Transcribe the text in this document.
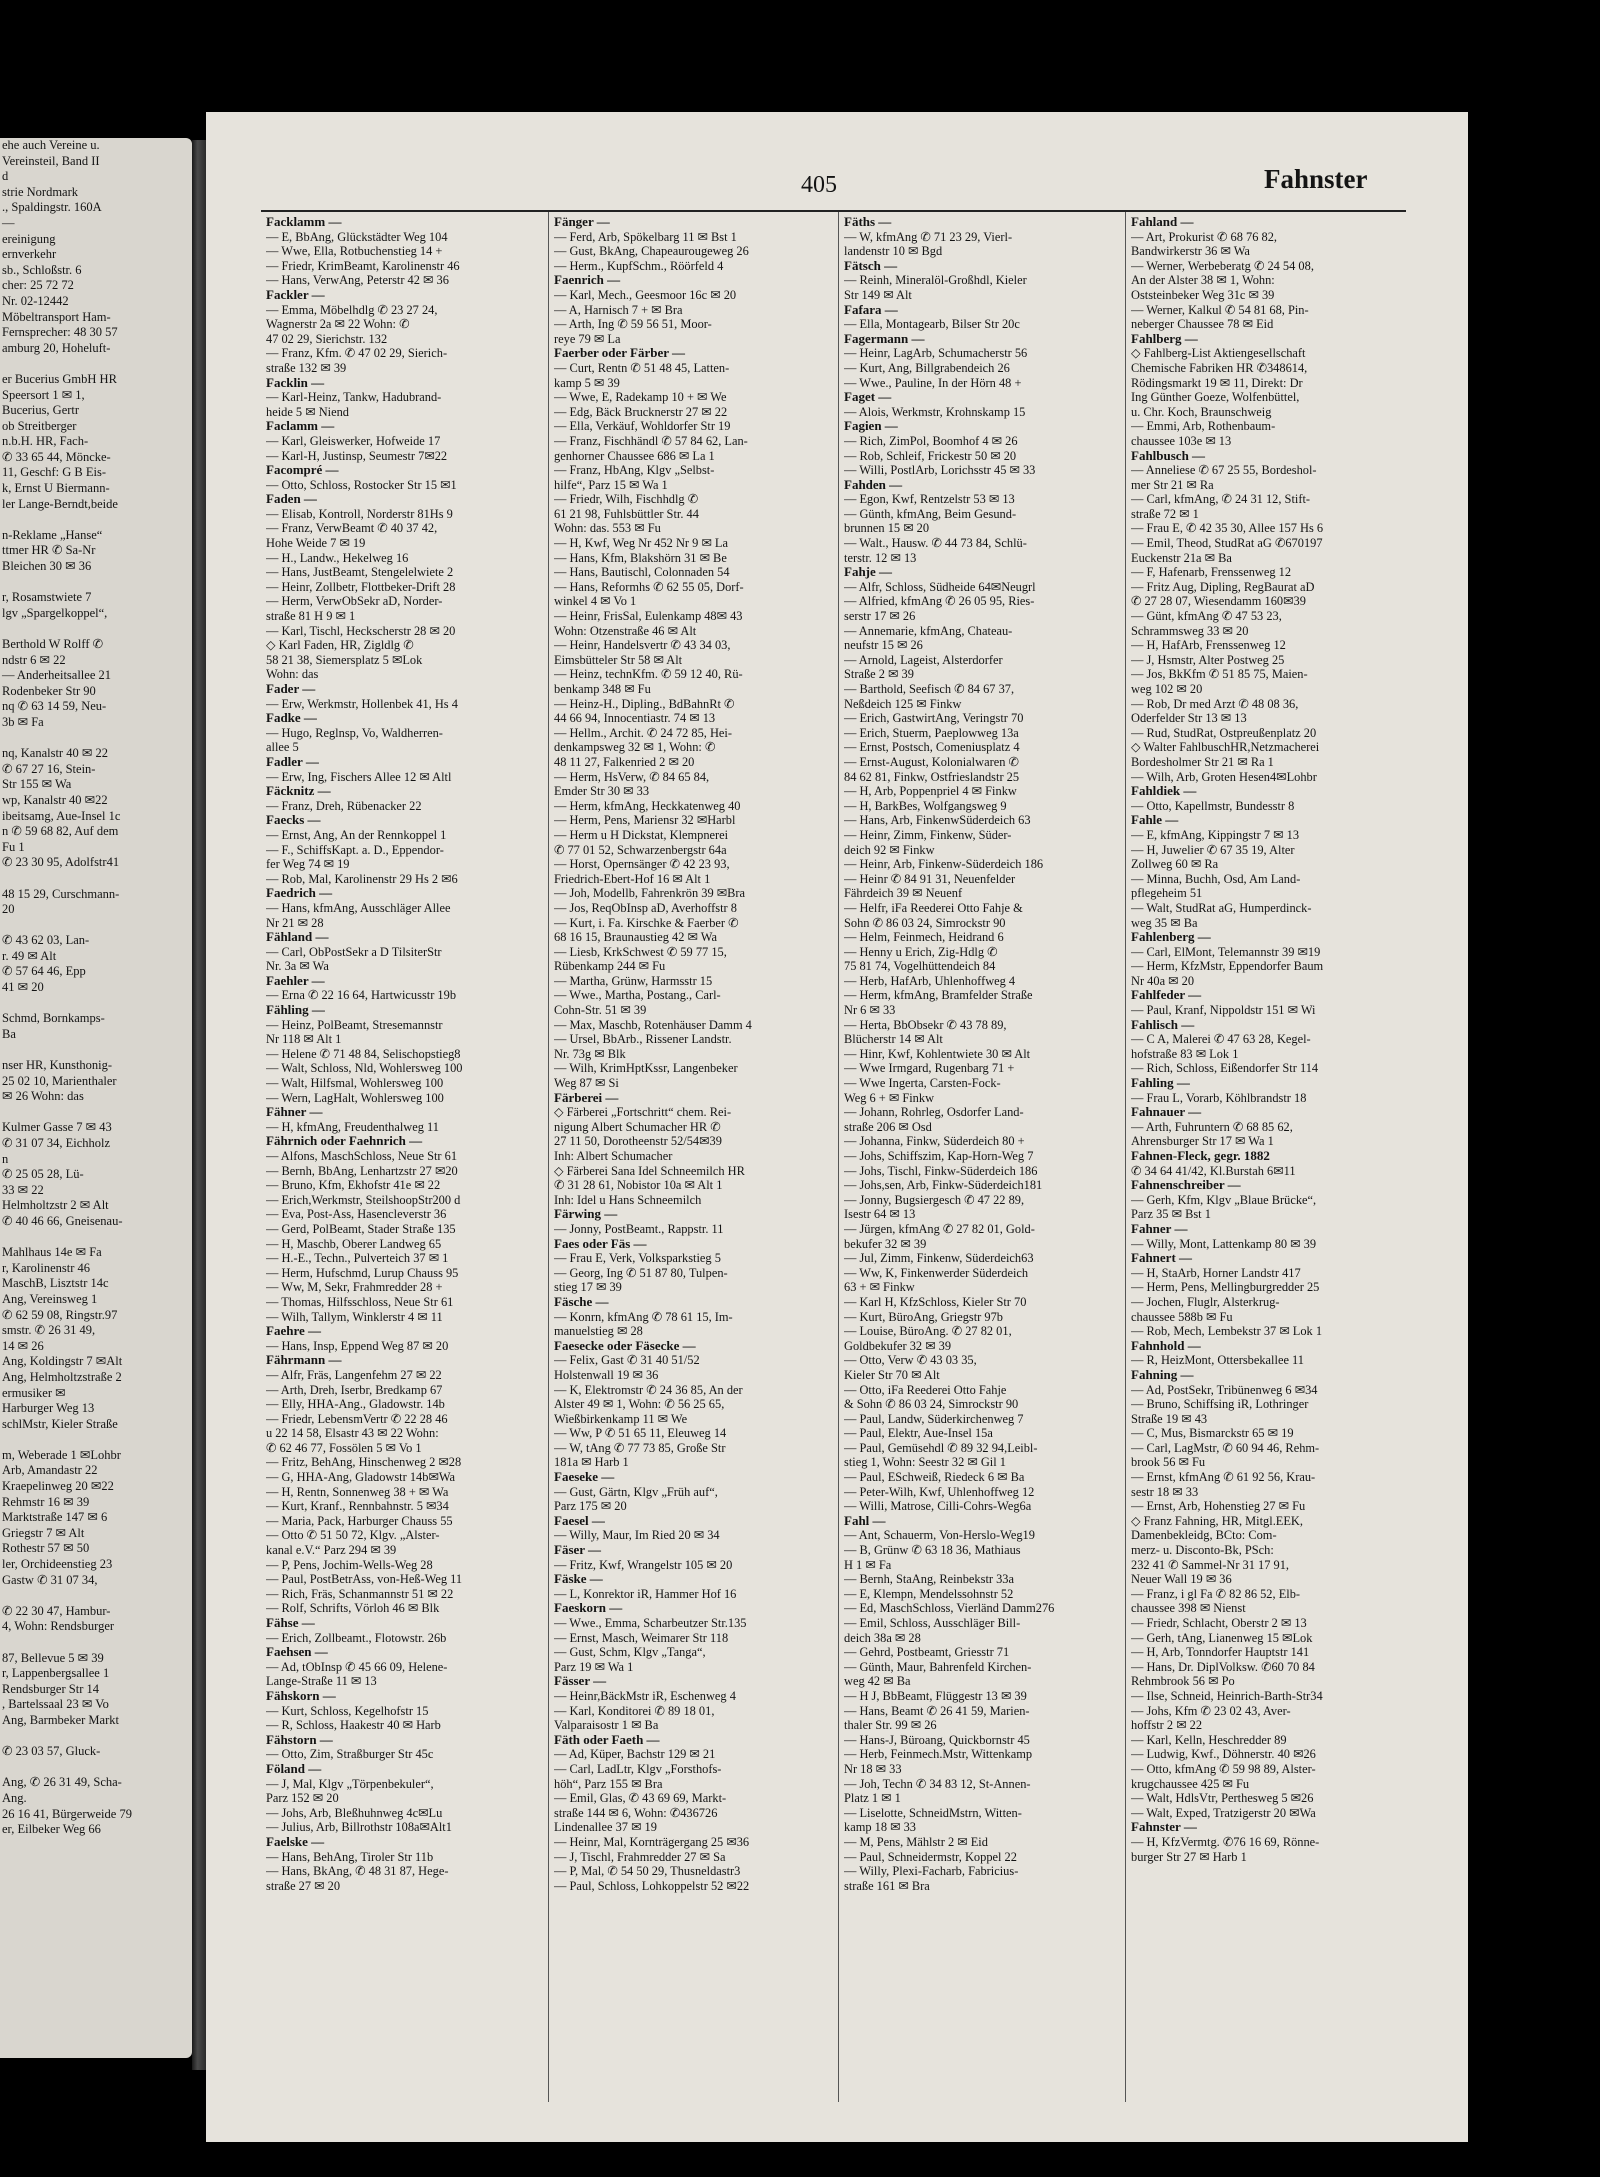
ehe auch Vereine u.
Vereinsteil, Band II
d
strie Nordmark
., Spaldingstr. 160A
—
ereinigung
ernverkehr
sb., Schloßstr. 6
cher: 25 72 72
Nr. 02-12442
Möbeltransport Ham-
Fernsprecher: 48 30 57
amburg 20, Hoheluft-

er Bucerius GmbH HR
Speersort 1 ✉ 1,
Bucerius, Gertr
ob Streitberger
n.b.H. HR, Fach-
✆ 33 65 44, Möncke-
11, Geschf: G B Eis-
k, Ernst U Biermann-
ler Lange-Berndt,beide

n-Reklame „Hanse“
ttmer HR ✆ Sa-Nr
Bleichen 30 ✉ 36

r, Rosamstwiete 7
lgv „Spargelkoppel“,

Berthold W Rolff ✆
ndstr 6 ✉ 22
— Anderheitsallee 21
Rodenbeker Str 90
nq ✆ 63 14 59, Neu-
3b ✉ Fa

nq, Kanalstr 40 ✉ 22
✆ 67 27 16, Stein-
Str 155 ✉ Wa
wp, Kanalstr 40 ✉22
ibeitsamg, Aue-Insel 1c
n ✆ 59 68 82, Auf dem
Fu 1
✆ 23 30 95, Adolfstr41

48 15 29, Curschmann-
20

✆ 43 62 03, Lan-
r. 49 ✉ Alt
✆ 57 64 46, Epp
41 ✉ 20

Schmd, Bornkamps-
Ba

nser HR, Kunsthonig-
25 02 10, Marienthaler
✉ 26 Wohn: das

Kulmer Gasse 7 ✉ 43
✆ 31 07 34, Eichholz
n
✆ 25 05 28, Lü-
33 ✉ 22
Helmholtzstr 2 ✉ Alt
✆ 40 46 66, Gneisenau-

Mahlhaus 14e ✉ Fa
r, Karolinenstr 46
MaschB, Lisztstr 14c
Ang, Vereinsweg 1
✆ 62 59 08, Ringstr.97
smstr. ✆ 26 31 49,
14 ✉ 26
Ang, Koldingstr 7 ✉Alt
Ang, Helmholtzstraße 2
ermusiker ✉
Harburger Weg 13
schlMstr, Kieler Straße

m, Weberade 1 ✉Lohbr
Arb, Amandastr 22
Kraepelinweg 20 ✉22
Rehmstr 16 ✉ 39
Marktstraße 147 ✉ 6
Griegstr 7 ✉ Alt
Rothestr 57 ✉ 50
ler, Orchideenstieg 23
Gastw ✆ 31 07 34,

✆ 22 30 47, Hambur-
4, Wohn: Rendsburger

87, Bellevue 5 ✉ 39
r, Lappenbergsallee 1
Rendsburger Str 14
, Bartelssaal 23 ✉ Vo
Ang, Barmbeker Markt

✆ 23 03 57, Gluck-

Ang, ✆ 26 31 49, Scha-
Ang.
26 16 41, Bürgerweide 79
er, Eilbeker Weg 66
405	Fahnster
Facklamm —
— E, BbAng, Glückstädter Weg 104
— Wwe, Ella, Rotbuchenstieg 14 +
— Friedr, KrimBeamt, Karolinenstr 46
— Hans, VerwAng, Peterstr 42 ✉ 36
Fackler —
— Emma, Möbelhdlg ✆ 23 27 24,
Wagnerstr 2a ✉ 22 Wohn: ✆
47 02 29, Sierichstr. 132
— Franz, Kfm. ✆ 47 02 29, Sierich-
straße 132 ✉ 39
Facklin —
— Karl-Heinz, Tankw, Hadubrand-
heide 5 ✉ Niend
Faclamm —
— Karl, Gleiswerker, Hofweide 17
— Karl-H, Justinsp, Seumestr 7✉22
Facompré —
— Otto, Schloss, Rostocker Str 15 ✉1
Faden —
— Elisab, Kontroll, Norderstr 81Hs 9
— Franz, VerwBeamt ✆ 40 37 42,
Hohe Weide 7 ✉ 19
— H., Landw., Hekelweg 16
— Hans, JustBeamt, Stengelelwiete 2
— Heinr, Zollbetr, Flottbeker-Drift 28
— Herm, VerwObSekr aD, Norder-
straße 81 H 9 ✉ 1
— Karl, Tischl, Heckscherstr 28 ✉ 20
◇ Karl Faden, HR, Zigldlg ✆
58 21 38, Siemersplatz 5 ✉Lok
Wohn: das
Fader —
— Erw, Werkmstr, Hollenbek 41, Hs 4
Fadke —
— Hugo, Reglnsp, Vo, Waldherren-
allee 5
Fadler —
— Erw, Ing, Fischers Allee 12 ✉ Altl
Fäcknitz —
— Franz, Dreh, Rübenacker 22
Faecks —
— Ernst, Ang, An der Rennkoppel 1
— F., SchiffsKapt. a. D., Eppendor-
fer Weg 74 ✉ 19
— Rob, Mal, Karolinenstr 29 Hs 2 ✉6
Faedrich —
— Hans, kfmAng, Ausschläger Allee
Nr 21 ✉ 28
Fähland —
— Carl, ObPostSekr a D TilsiterStr
Nr. 3a ✉ Wa
Faehler —
— Erna ✆ 22 16 64, Hartwicusstr 19b
Fähling —
— Heinz, PolBeamt, Stresemannstr
Nr 118 ✉ Alt 1
— Helene ✆ 71 48 84, Selischopstieg8
— Walt, Schloss, Nld, Wohlersweg 100
— Walt, Hilfsmal, Wohlersweg 100
— Wern, LagHalt, Wohlersweg 100
Fähner —
— H, kfmAng, Freudenthalweg 11
Fährnich oder Faehnrich —
— Alfons, MaschSchloss, Neue Str 61
— Bernh, BbAng, Lenhartzstr 27 ✉20
— Bruno, Kfm, Ekhofstr 41e ✉ 22
— Erich,Werkmstr, SteilshoopStr200 d
— Eva, Post-Ass, Hasencleverstr 36
— Gerd, PolBeamt, Stader Straße 135
— H, Maschb, Oberer Landweg 65
— H.-E., Techn., Pulverteich 37 ✉ 1
— Herm, Hufschmd, Lurup Chauss 95
— Ww, M, Sekr, Frahmredder 28 +
— Thomas, Hilfsschloss, Neue Str 61
— Wilh, Tallym, Winklerstr 4 ✉ 11
Faehre —
— Hans, Insp, Eppend Weg 87 ✉ 20
Fährmann —
— Alfr, Fräs, Langenfehm 27 ✉ 22
— Arth, Dreh, Iserbr, Bredkamp 67
— Elly, HHA-Ang., Gladowstr. 14b
— Friedr, LebensmVertr ✆ 22 28 46
u 22 14 58, Elsastr 43 ✉ 22 Wohn:
✆ 62 46 77, Fossölen 5 ✉ Vo 1
— Fritz, BehAng, Hinschenweg 2 ✉28
— G, HHA-Ang, Gladowstr 14b✉Wa
— H, Rentn, Sonnenweg 38 + ✉ Wa
— Kurt, Kranf., Rennbahnstr. 5 ✉34
— Maria, Pack, Harburger Chauss 55
— Otto ✆ 51 50 72, Klgv. „Alster-
kanal e.V.“ Parz 294 ✉ 39
— P, Pens, Jochim-Wells-Weg 28
— Paul, PostBetrAss, von-Heß-Weg 11
— Rich, Fräs, Schanmannstr 51 ✉ 22
— Rolf, Schrifts, Vörloh 46 ✉ Blk
Fähse —
— Erich, Zollbeamt., Flotowstr. 26b
Faehsen —
— Ad, tObInsp ✆ 45 66 09, Helene-
Lange-Straße 11 ✉ 13
Fähskorn —
— Kurt, Schloss, Kegelhofstr 15
— R, Schloss, Haakestr 40 ✉ Harb
Fähstorn —
— Otto, Zim, Straßburger Str 45c
Föland —
— J, Mal, Klgv „Törpenbekuler“,
Parz 152 ✉ 20
— Johs, Arb, Bleßhuhnweg 4c✉Lu
— Julius, Arb, Billrothstr 108a✉Alt1
Faelske —
— Hans, BehAng, Tiroler Str 11b
— Hans, BkAng, ✆ 48 31 87, Hege-
straße 27 ✉ 20
Fänger —
— Ferd, Arb, Spökelbarg 11 ✉ Bst 1
— Gust, BkAng, Chapeaurougeweg 26
— Herm., KupfSchm., Röörfeld 4
Faenrich —
— Karl, Mech., Geesmoor 16c ✉ 20
— A, Harnisch 7 + ✉ Bra
— Arth, Ing ✆ 59 56 51, Moor-
reye 79 ✉ La
Faerber oder Färber —
— Curt, Rentn ✆ 51 48 45, Latten-
kamp 5 ✉ 39
— Wwe, E, Radekamp 10 + ✉ We
— Edg, Bäck Brucknerstr 27 ✉ 22
— Ella, Verkäuf, Wohldorfer Str 19
— Franz, Fischhändl ✆ 57 84 62, Lan-
genhorner Chaussee 686 ✉ La 1
— Franz, HbAng, Klgv „Selbst-
hilfe“, Parz 15 ✉ Wa 1
— Friedr, Wilh, Fischhdlg ✆
61 21 98, Fuhlsbüttler Str. 44
Wohn: das. 553 ✉ Fu
— H, Kwf, Weg Nr 452 Nr 9 ✉ La
— Hans, Kfm, Blakshörn 31 ✉ Be
— Hans, Bautischl, Colonnaden 54
— Hans, Reformhs ✆ 62 55 05, Dorf-
winkel 4 ✉ Vo 1
— Heinr, FrisSal, Eulenkamp 48✉ 43
Wohn: Otzenstraße 46 ✉ Alt
— Heinr, Handelsvertr ✆ 43 34 03,
Eimsbütteler Str 58 ✉ Alt
— Heinz, technKfm. ✆ 59 12 40, Rü-
benkamp 348 ✉ Fu
— Heinz-H., Dipling., BdBahnRt ✆
44 66 94, Innocentiastr. 74 ✉ 13
— Hellm., Archit. ✆ 24 72 85, Hei-
denkampsweg 32 ✉ 1, Wohn: ✆
48 11 27, Falkenried 2 ✉ 20
— Herm, HsVerw, ✆ 84 65 84,
Emder Str 30 ✉ 33
— Herm, kfmAng, Heckkatenweg 40
— Herm, Pens, Mariensr 32 ✉Harbl
— Herm u H Dickstat, Klempnerei
✆ 77 01 52, Schwarzenbergstr 64a
— Horst, Opernsänger ✆ 42 23 93,
Friedrich-Ebert-Hof 16 ✉ Alt 1
— Joh, Modellb, Fahrenkrön 39 ✉Bra
— Jos, ReqObInsp aD, Averhoffstr 8
— Kurt, i. Fa. Kirschke & Faerber ✆
68 16 15, Braunaustieg 42 ✉ Wa
— Liesb, KrkSchwest ✆ 59 77 15,
Rübenkamp 244 ✉ Fu
— Martha, Grünw, Harmsstr 15
— Wwe., Martha, Postang., Carl-
Cohn-Str. 51 ✉ 39
— Max, Maschb, Rotenhäuser Damm 4
— Ursel, BbArb., Rissener Landstr.
Nr. 73g ✉ Blk
— Wilh, KrimHptKssr, Langenbeker
Weg 87 ✉ Si
Färberei —
◇ Färberei „Fortschritt“ chem. Rei-
nigung Albert Schumacher HR ✆
27 11 50, Dorotheenstr 52/54✉39
Inh: Albert Schumacher
◇ Färberei Sana Idel Schneemilch HR
✆ 31 28 61, Nobistor 10a ✉ Alt 1
Inh: Idel u Hans Schneemilch
Färwing —
— Jonny, PostBeamt., Rappstr. 11
Faes oder Fäs —
— Frau E, Verk, Volksparkstieg 5
— Georg, Ing ✆ 51 87 80, Tulpen-
stieg 17 ✉ 39
Fäsche —
— Konrn, kfmAng ✆ 78 61 15, Im-
manuelstieg ✉ 28
Faesecke oder Fäsecke —
— Felix, Gast ✆ 31 40 51/52
Holstenwall 19 ✉ 36
— K, Elektromstr ✆ 24 36 85, An der
Alster 49 ✉ 1, Wohn: ✆ 56 25 65,
Wießbirkenkamp 11 ✉ We
— Ww, P ✆ 51 65 11, Eleuweg 14
— W, tAng ✆ 77 73 85, Große Str
181a ✉ Harb 1
Faeseke —
— Gust, Gärtn, Klgv „Früh auf“,
Parz 175 ✉ 20
Faesel —
— Willy, Maur, Im Ried 20 ✉ 34
Fäser —
— Fritz, Kwf, Wrangelstr 105 ✉ 20
Fäske —
— L, Konrektor iR, Hammer Hof 16
Faeskorn —
— Wwe., Emma, Scharbeutzer Str.135
— Ernst, Masch, Weimarer Str 118
— Gust, Schm, Klgv „Tanga“,
Parz 19 ✉ Wa 1
Fässer —
— Heinr,BäckMstr iR, Eschenweg 4
— Karl, Konditorei ✆ 89 18 01,
Valparaisostr 1 ✉ Ba
Fäth oder Faeth —
— Ad, Küper, Bachstr 129 ✉ 21
— Carl, LadLtr, Klgv „Forsthofs-
höh“, Parz 155 ✉ Bra
— Emil, Glas, ✆ 43 69 69, Markt-
straße 144 ✉ 6, Wohn: ✆436726
Lindenallee 37 ✉ 19
— Heinr, Mal, Kornträgergang 25 ✉36
— J, Tischl, Frahmredder 27 ✉ Sa
— P, Mal, ✆ 54 50 29, Thusneldastr3
— Paul, Schloss, Lohkoppelstr 52 ✉22
Fäths —
— W, kfmAng ✆ 71 23 29, Vierl-
landenstr 10 ✉ Bgd
Fätsch —
— Reinh, Mineralöl-Großhdl, Kieler
Str 149 ✉ Alt
Fafara —
— Ella, Montagearb, Bilser Str 20c
Fagermann —
— Heinr, LagArb, Schumacherstr 56
— Kurt, Ang, Billgrabendeich 26
— Wwe., Pauline, In der Hörn 48 +
Faget —
— Alois, Werkmstr, Krohnskamp 15
Fagien —
— Rich, ZimPol, Boomhof 4 ✉ 26
— Rob, Schleif, Frickestr 50 ✉ 20
— Willi, PostlArb, Lorichsstr 45 ✉ 33
Fahden —
— Egon, Kwf, Rentzelstr 53 ✉ 13
— Günth, kfmAng, Beim Gesund-
brunnen 15 ✉ 20
— Walt., Hausw. ✆ 44 73 84, Schlü-
terstr. 12 ✉ 13
Fahje —
— Alfr, Schloss, Südheide 64✉Neugrl
— Alfried, kfmAng ✆ 26 05 95, Ries-
serstr 17 ✉ 26
— Annemarie, kfmAng, Chateau-
neufstr 15 ✉ 26
— Arnold, Lageist, Alsterdorfer
Straße 2 ✉ 39
— Barthold, Seefisch ✆ 84 67 37,
Neßdeich 125 ✉ Finkw
— Erich, GastwirtAng, Veringstr 70
— Erich, Stuerm, Paeplowweg 13a
— Ernst, Postsch, Comeniusplatz 4
— Ernst-August, Kolonialwaren ✆
84 62 81, Finkw, Ostfrieslandstr 25
— H, Arb, Poppenpriel 4 ✉ Finkw
— H, BarkBes, Wolfgangsweg 9
— Hans, Arb, FinkenwSüderdeich 63
— Heinr, Zimm, Finkenw, Süder-
deich 92 ✉ Finkw
— Heinr, Arb, Finkenw-Süderdeich 186
— Heinr ✆ 84 91 31, Neuenfelder
Fährdeich 39 ✉ Neuenf
— Helfr, iFa Reederei Otto Fahje &
Sohn ✆ 86 03 24, Simrockstr 90
— Helm, Feinmech, Heidrand 6
— Henny u Erich, Zig-Hdlg ✆
75 81 74, Vogelhüttendeich 84
— Herb, HafArb, Uhlenhoffweg 4
— Herm, kfmAng, Bramfelder Straße
Nr 6 ✉ 33
— Herta, BbObsekr ✆ 43 78 89,
Blücherstr 14 ✉ Alt
— Hinr, Kwf, Kohlentwiete 30 ✉ Alt
— Wwe Irmgard, Rugenbarg 71 +
— Wwe Ingerta, Carsten-Fock-
Weg 6 + ✉ Finkw
— Johann, Rohrleg, Osdorfer Land-
straße 206 ✉ Osd
— Johanna, Finkw, Süderdeich 80 +
— Johs, Schiffszim, Kap-Horn-Weg 7
— Johs, Tischl, Finkw-Süderdeich 186
— Johs,sen, Arb, Finkw-Süderdeich181
— Jonny, Bugsiergesch ✆ 47 22 89,
Isestr 64 ✉ 13
— Jürgen, kfmAng ✆ 27 82 01, Gold-
bekufer 32 ✉ 39
— Jul, Zimm, Finkenw, Süderdeich63
— Ww, K, Finkenwerder Süderdeich
63 + ✉ Finkw
— Karl H, KfzSchloss, Kieler Str 70
— Kurt, BüroAng, Griegstr 97b
— Louise, BüroAng. ✆ 27 82 01,
Goldbekufer 32 ✉ 39
— Otto, Verw ✆ 43 03 35,
Kieler Str 70 ✉ Alt
— Otto, iFa Reederei Otto Fahje
& Sohn ✆ 86 03 24, Simrockstr 90
— Paul, Landw, Süderkirchenweg 7
— Paul, Elektr, Aue-Insel 15a
— Paul, Gemüsehdl ✆ 89 32 94,Leibl-
stieg 1, Wohn: Seestr 32 ✉ Gil 1
— Paul, ESchweiß, Riedeck 6 ✉ Ba
— Peter-Wilh, Kwf, Uhlenhoffweg 12
— Willi, Matrose, Cilli-Cohrs-Weg6a
Fahl —
— Ant, Schauerm, Von-Herslo-Weg19
— B, Grünw ✆ 63 18 36, Mathiaus
H 1 ✉ Fa
— Bernh, StaAng, Reinbekstr 33a
— E, Klempn, Mendelssohnstr 52
— Ed, MaschSchloss, Vierländ Damm276
— Emil, Schloss, Ausschläger Bill-
deich 38a ✉ 28
— Gehrd, Postbeamt, Griesstr 71
— Günth, Maur, Bahrenfeld Kirchen-
weg 42 ✉ Ba
— H J, BbBeamt, Flüggestr 13 ✉ 39
— Hans, Beamt ✆ 26 41 59, Marien-
thaler Str. 99 ✉ 26
— Hans-J, Büroang, Quickbornstr 45
— Herb, Feinmech.Mstr, Wittenkamp
Nr 18 ✉ 33
— Joh, Techn ✆ 34 83 12, St-Annen-
Platz 1 ✉ 1
— Liselotte, SchneidMstrn, Witten-
kamp 18 ✉ 33
— M, Pens, Mählstr 2 ✉ Eid
— Paul, Schneidermstr, Koppel 22
— Willy, Plexi-Facharb, Fabricius-
straße 161 ✉ Bra
Fahland —
— Art, Prokurist ✆ 68 76 82,
Bandwirkerstr 36 ✉ Wa
— Werner, Werbeberatg ✆ 24 54 08,
An der Alster 38 ✉ 1, Wohn:
Oststeinbeker Weg 31c ✉ 39
— Werner, Kalkul ✆ 54 81 68, Pin-
neberger Chaussee 78 ✉ Eid
Fahlberg —
◇ Fahlberg-List Aktiengesellschaft
Chemische Fabriken HR ✆348614,
Rödingsmarkt 19 ✉ 11, Direkt: Dr
Ing Günther Goeze, Wolfenbüttel,
u. Chr. Koch, Braunschweig
— Emmi, Arb, Rothenbaum-
chaussee 103e ✉ 13
Fahlbusch —
— Anneliese ✆ 67 25 55, Bordeshol-
mer Str 21 ✉ Ra
— Carl, kfmAng, ✆ 24 31 12, Stift-
straße 72 ✉ 1
— Frau E, ✆ 42 35 30, Allee 157 Hs 6
— Emil, Theod, StudRat aG ✆670197
Euckenstr 21a ✉ Ba
— F, Hafenarb, Frenssenweg 12
— Fritz Aug, Dipling, RegBaurat aD
✆ 27 28 07, Wiesendamm 160✉39
— Günt, kfmAng ✆ 47 53 23,
Schrammsweg 33 ✉ 20
— H, HafArb, Frenssenweg 12
— J, Hsmstr, Alter Postweg 25
— Jos, BkKfm ✆ 51 85 75, Maien-
weg 102 ✉ 20
— Rob, Dr med Arzt ✆ 48 08 36,
Oderfelder Str 13 ✉ 13
— Rud, StudRat, Ostpreußenplatz 20
◇ Walter FahlbuschHR,Netzmacherei
Bordesholmer Str 21 ✉ Ra 1
— Wilh, Arb, Groten Hesen4✉Lohbr
Fahldiek —
— Otto, Kapellmstr, Bundesstr 8
Fahle —
— E, kfmAng, Kippingstr 7 ✉ 13
— H, Juwelier ✆ 67 35 19, Alter
Zollweg 60 ✉ Ra
— Minna, Buchh, Osd, Am Land-
pflegeheim 51
— Walt, StudRat aG, Humperdinck-
weg 35 ✉ Ba
Fahlenberg —
— Carl, ElMont, Telemannstr 39 ✉19
— Herm, KfzMstr, Eppendorfer Baum
Nr 40a ✉ 20
Fahlfeder —
— Paul, Kranf, Nippoldstr 151 ✉ Wi
Fahlisch —
— C A, Malerei ✆ 47 63 28, Kegel-
hofstraße 83 ✉ Lok 1
— Rich, Schloss, Eißendorfer Str 114
Fahling —
— Frau L, Vorarb, Köhlbrandstr 18
Fahnauer —
— Arth, Fuhruntern ✆ 68 85 62,
Ahrensburger Str 17 ✉ Wa 1
Fahnen-Fleck, gegr. 1882
✆ 34 64 41/42, Kl.Burstah 6✉11
Fahnenschreiber —
— Gerh, Kfm, Klgv „Blaue Brücke“,
Parz 35 ✉ Bst 1
Fahner —
— Willy, Mont, Lattenkamp 80 ✉ 39
Fahnert —
— H, StaArb, Horner Landstr 417
— Herm, Pens, Mellingburgredder 25
— Jochen, Fluglr, Alsterkrug-
chaussee 588b ✉ Fu
— Rob, Mech, Lembekstr 37 ✉ Lok 1
Fahnhold —
— R, HeizMont, Ottersbekallee 11
Fahning —
— Ad, PostSekr, Tribünenweg 6 ✉34
— Bruno, Schiffsing iR, Lothringer
Straße 19 ✉ 43
— C, Mus, Bismarckstr 65 ✉ 19
— Carl, LagMstr, ✆ 60 94 46, Rehm-
brook 56 ✉ Fu
— Ernst, kfmAng ✆ 61 92 56, Krau-
sestr 18 ✉ 33
— Ernst, Arb, Hohenstieg 27 ✉ Fu
◇ Franz Fahning, HR, Mitgl.EEK,
Damenbekleidg, BCto: Com-
merz- u. Disconto-Bk, PSch:
232 41 ✆ Sammel-Nr 31 17 91,
Neuer Wall 19 ✉ 36
— Franz, i gl Fa ✆ 82 86 52, Elb-
chaussee 398 ✉ Nienst
— Friedr, Schlacht, Oberstr 2 ✉ 13
— Gerh, tAng, Lianenweg 15 ✉Lok
— H, Arb, Tonndorfer Hauptstr 141
— Hans, Dr. DiplVolksw. ✆60 70 84
Rehmbrook 56 ✉ Po
— Ilse, Schneid, Heinrich-Barth-Str34
— Johs, Kfm ✆ 23 02 43, Aver-
hoffstr 2 ✉ 22
— Karl, Kelln, Heschredder 89
— Ludwig, Kwf., Döhnerstr. 40 ✉26
— Otto, kfmAng ✆ 59 98 89, Alster-
krugchaussee 425 ✉ Fu
— Walt, HdlsVtr, Perthesweg 5 ✉26
— Walt, Exped, Tratzigerstr 20 ✉Wa
Fahnster —
— H, KfzVermtg. ✆76 16 69, Rönne-
burger Str 27 ✉ Harb 1
